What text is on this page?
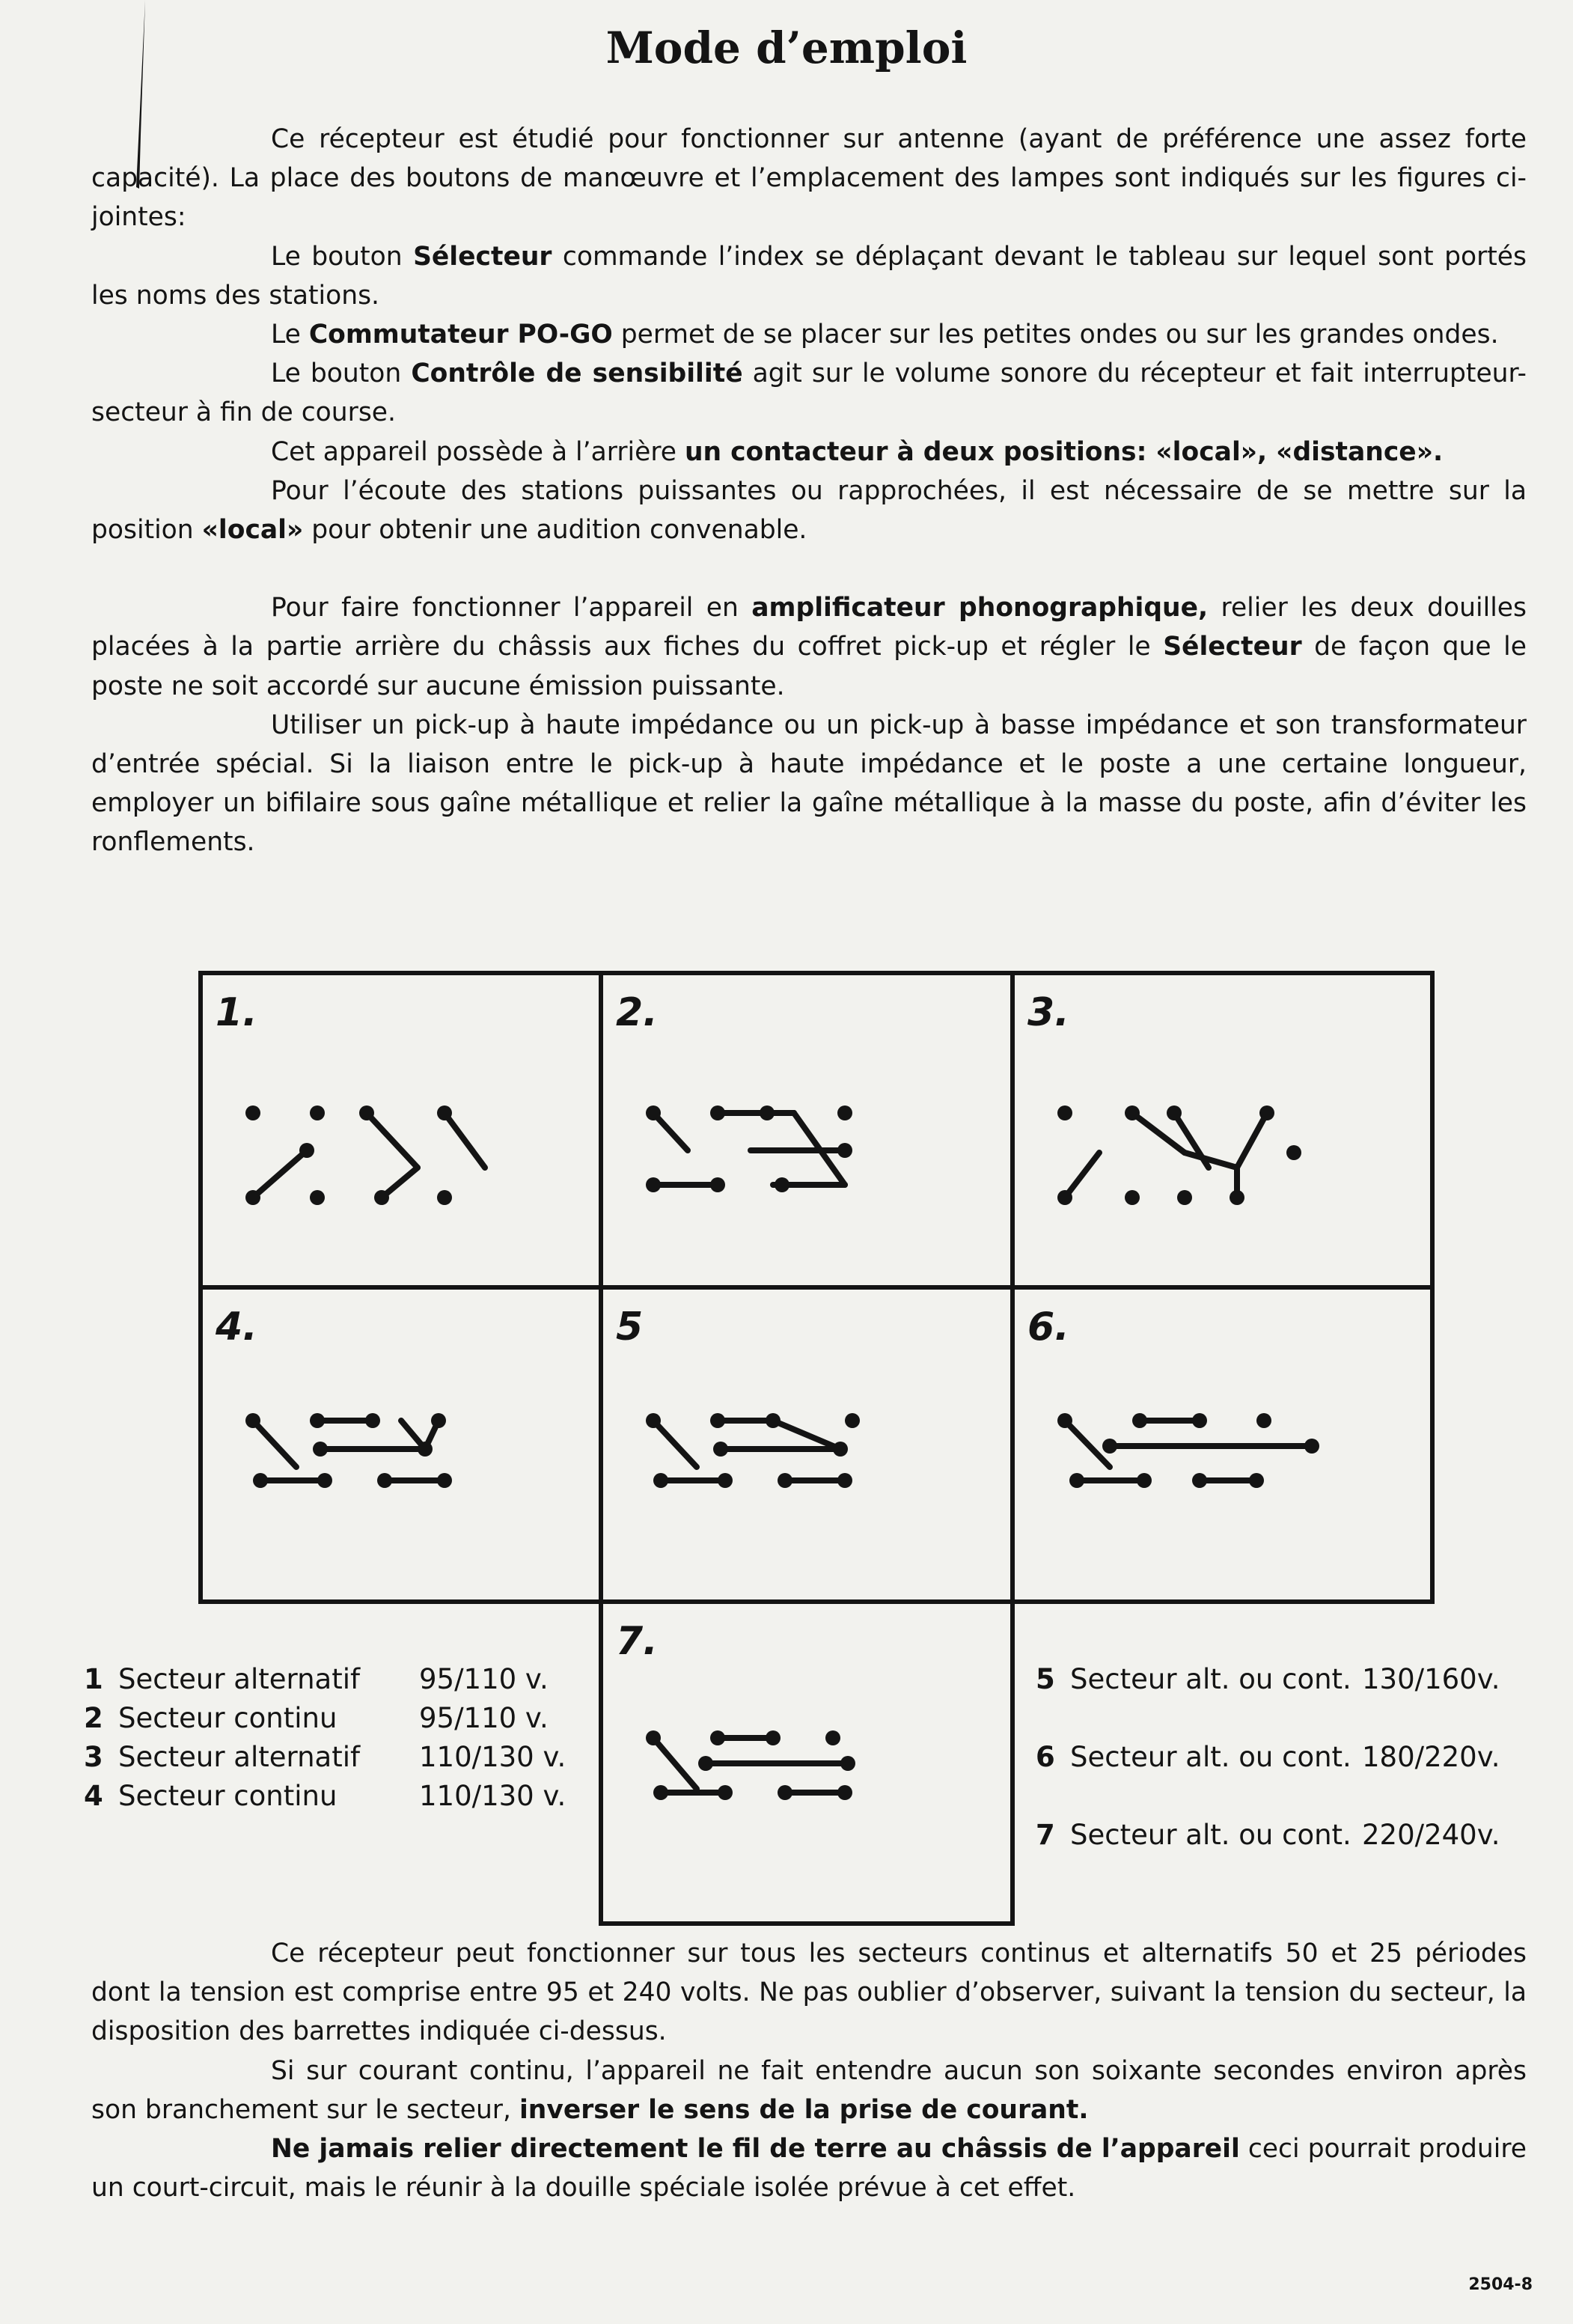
Mode d’emploi

Ce récepteur est étudié pour fonctionner sur antenne (ayant de préférence une assez forte capacité). La place des boutons de manœuvre et l’emplacement des lampes sont indiqués sur les figures ci-jointes:

Le bouton Sélecteur commande l’index se déplaçant devant le tableau sur lequel sont portés les noms des stations.

Le Commutateur PO-GO permet de se placer sur les petites ondes ou sur les grandes ondes.

Le bouton Contrôle de sensibilité agit sur le volume sonore du récepteur et fait interrupteur-secteur à fin de course.

Cet appareil possède à l’arrière un contacteur à deux positions: «local», «distance».

Pour l’écoute des stations puissantes ou rapprochées, il est nécessaire de se mettre sur la position «local» pour obtenir une audition convenable.

Pour faire fonctionner l’appareil en amplificateur phonographique, relier les deux douilles placées à la partie arrière du châssis aux fiches du coffret pick-up et régler le Sélecteur de façon que le poste ne soit accordé sur aucune émission puissante.

Utiliser un pick-up à haute impédance ou un pick-up à basse impédance et son transformateur d’entrée spécial. Si la liaison entre le pick-up à haute impédance et le poste a une certaine longueur, employer un bifilaire sous gaîne métallique et relier la gaîne métallique à la masse du poste, afin d’éviter les ronflements.

1.	2.	3.
4.	5	6.
7.
1 Secteur alternatif 95/110 v.
2 Secteur continu	95/110 v.
3 Secteur alternatif 110/130 v.
4 Secteur continu	110/130 v.
5 Secteur alt. ou cont. 130/160v.
6 Secteur alt. ou cont. 180/220v.
7 Secteur alt. ou cont. 220/240v.

Ce récepteur peut fonctionner sur tous les secteurs continus et alternatifs 50 et 25 périodes dont la tension est comprise entre 95 et 240 volts. Ne pas oublier d’observer, suivant la tension du secteur, la disposition des barrettes indiquée ci-dessus.

Si sur courant continu, l’appareil ne fait entendre aucun son soixante secondes environ après son branchement sur le secteur, inverser le sens de la prise de courant.

Ne jamais relier directement le fil de terre au châssis de l’appareil ceci pourrait produire un court-circuit, mais le réunir à la douille spéciale isolée prévue à cet effet.

2504-8
